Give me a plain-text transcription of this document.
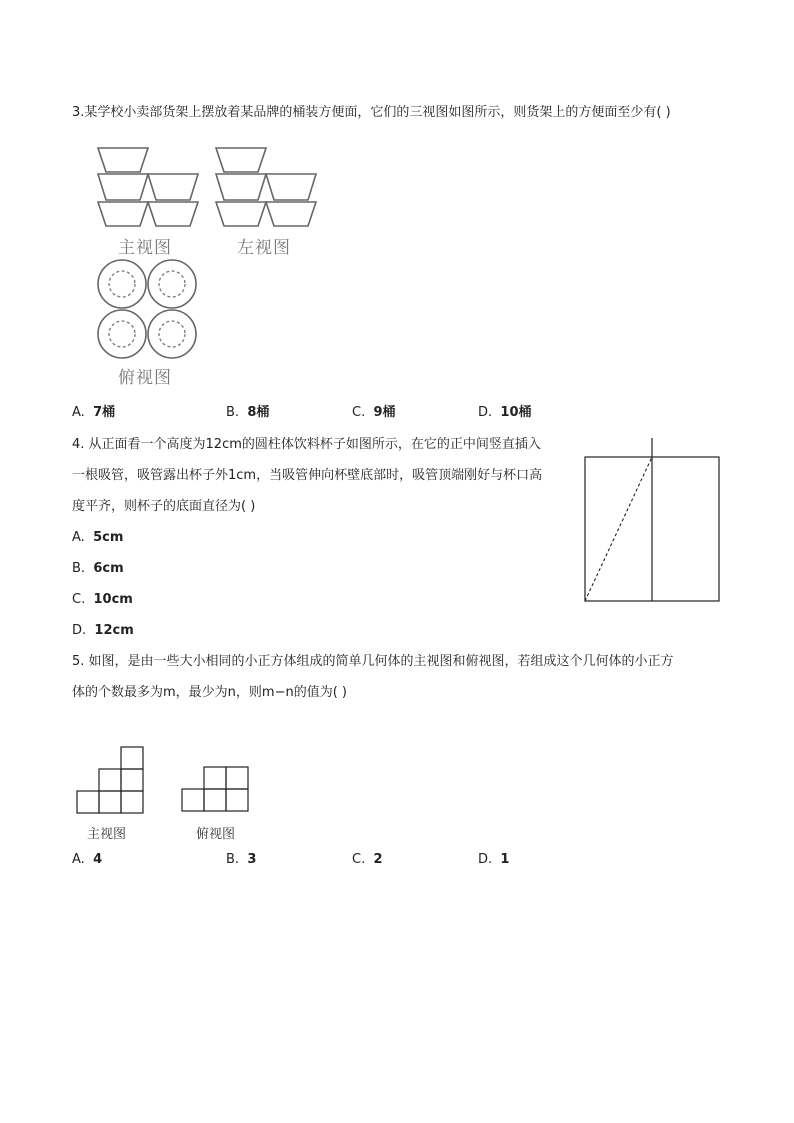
3.某学校小卖部货架上摆放着某品牌的桶装方便面，它们的三视图如图所示，则货架上的方便面至少有( )
主视图	左视图
俯视图
A. 7桶	B. 8桶	C. 9桶	D. 10桶
4. 从正面看一个高度为12cm的圆柱体饮料杯子如图所示，在它的正中间竖直插入
一根吸管，吸管露出杯子外1cm，当吸管伸向杯壁底部时，吸管顶端刚好与杯口高
度平齐，则杯子的底面直径为( )
A. 5cm
B. 6cm
C. 10cm
D. 12cm
5. 如图，是由一些大小相同的小正方体组成的简单几何体的主视图和俯视图，若组成这个几何体的小正方
体的个数最多为m，最少为n，则m−n的值为( )
主视图	俯视图
A. 4	B. 3	C. 2	D. 1
